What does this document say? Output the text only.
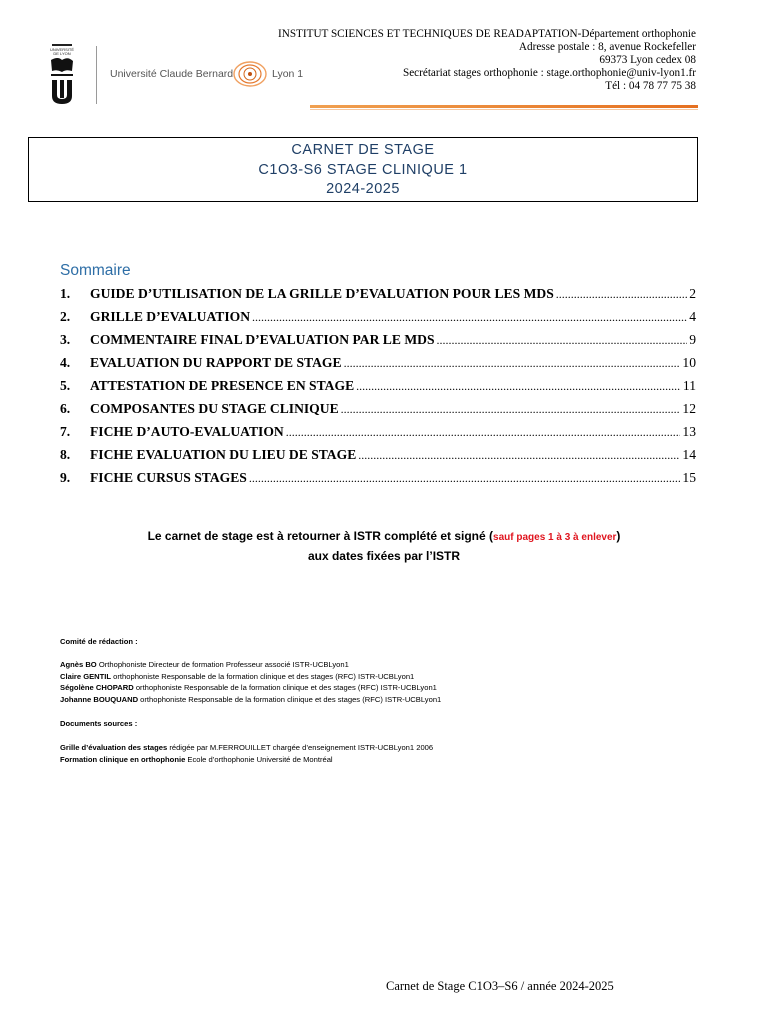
UNIVERSITÉ
DE LYON
Université Claude Bernard	Lyon 1
INSTITUT SCIENCES ET TECHNIQUES DE READAPTATION-Département orthophonie
Adresse postale : 8, avenue Rockefeller
69373 Lyon cedex 08
Secrétariat stages orthophonie : stage.orthophonie@univ-lyon1.fr
Tél : 04 78 77 75 38
CARNET DE STAGE
C1O3-S6 STAGE CLINIQUE 1
2024-2025
Sommaire
1.	GUIDE D’UTILISATION DE LA GRILLE D’EVALUATION POUR LES MDS .....	2
2.	GRILLE D’EVALUATION .....	4
3.	COMMENTAIRE FINAL D’EVALUATION PAR LE MDS .....	9
4.	EVALUATION DU RAPPORT DE STAGE .....	10
5.	ATTESTATION DE PRESENCE EN STAGE .....	11
6.	COMPOSANTES DU STAGE CLINIQUE .....	12
7.	FICHE D’AUTO-EVALUATION .....	13
8.	FICHE EVALUATION DU LIEU DE STAGE .....	14
9.	FICHE CURSUS STAGES .....	15
Le carnet de stage est à retourner à ISTR complété et signé (sauf pages 1 à 3 à enlever)
aux dates fixées par l’ISTR
Comité de rédaction :
Agnès BO Orthophoniste Directeur de formation Professeur associé ISTR-UCBLyon1
Claire GENTIL orthophoniste Responsable de la formation clinique et des stages (RFC) ISTR-UCBLyon1
Ségolène CHOPARD orthophoniste Responsable de la formation clinique et des stages (RFC) ISTR-UCBLyon1
Johanne BOUQUAND orthophoniste Responsable de la formation clinique et des stages (RFC) ISTR-UCBLyon1
Documents sources :
Grille d’évaluation des stages rédigée par M.FERROUILLET chargée d’enseignement ISTR-UCBLyon1 2006
Formation clinique en orthophonie Ecole d’orthophonie Université de Montréal
Carnet de Stage C1O3–S6 / année 2024-2025
